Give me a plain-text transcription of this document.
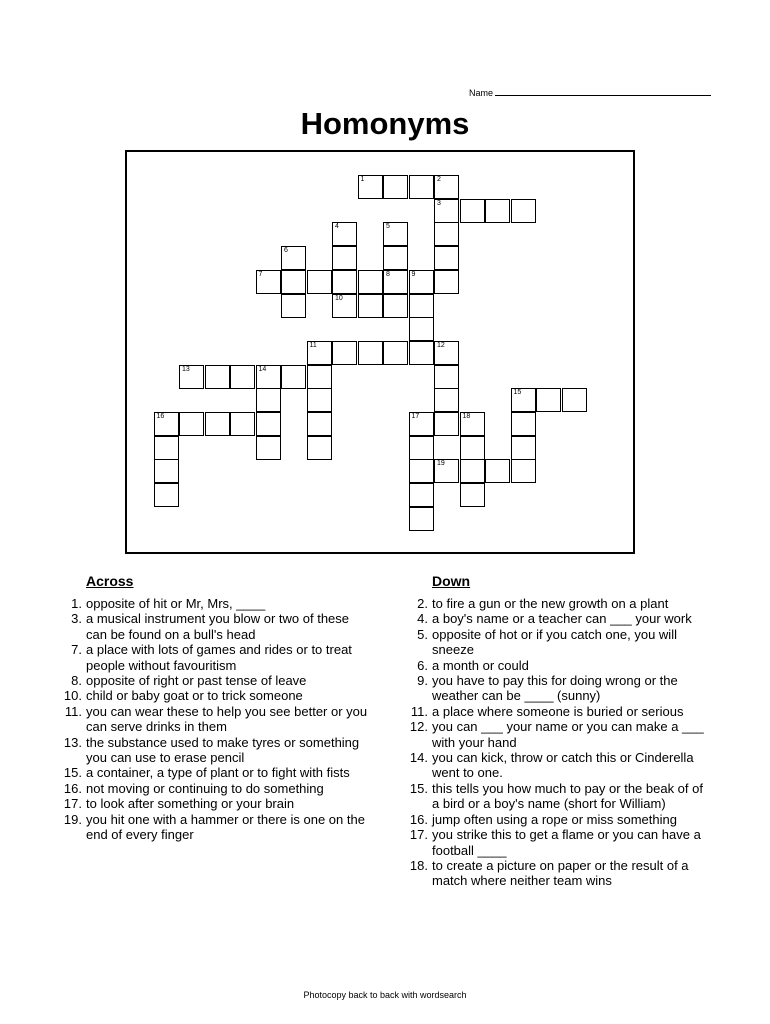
Name
Homonyms
1	2
3
4	5
6
7	8	9
10
11	12
13	14
15
16	17	18
19
Across
1. opposite of hit or Mr, Mrs, ____
3. a musical instrument you blow or two of these can be found on a bull's head
7. a place with lots of games and rides or to treat people without favouritism
8. opposite of right or past tense of leave
10. child or baby goat or to trick someone
11. you can wear these to help you see better or you can serve drinks in them
13. the substance used to make tyres or something you can use to erase pencil
15. a container, a type of plant or to fight with fists
16. not moving or continuing to do something
17. to look after something or your brain
19. you hit one with a hammer or there is one on the end of every finger
Down
2. to fire a gun or the new growth on a plant
4. a boy's name or a teacher can ___ your work
5. opposite of hot or if you catch one, you will sneeze
6. a month or could
9. you have to pay this for doing wrong or the weather can be ____ (sunny)
11. a place where someone is buried or serious
12. you can ___ your name or you can make a ___ with your hand
14. you can kick, throw or catch this or Cinderella went to one.
15. this tells you how much to pay or the beak of of a bird or a boy's name (short for William)
16. jump often using a rope or miss something
17. you strike this to get a flame or you can have a football ____
18. to create a picture on paper or the result of a match where neither team wins
Photocopy back to back with wordsearch
